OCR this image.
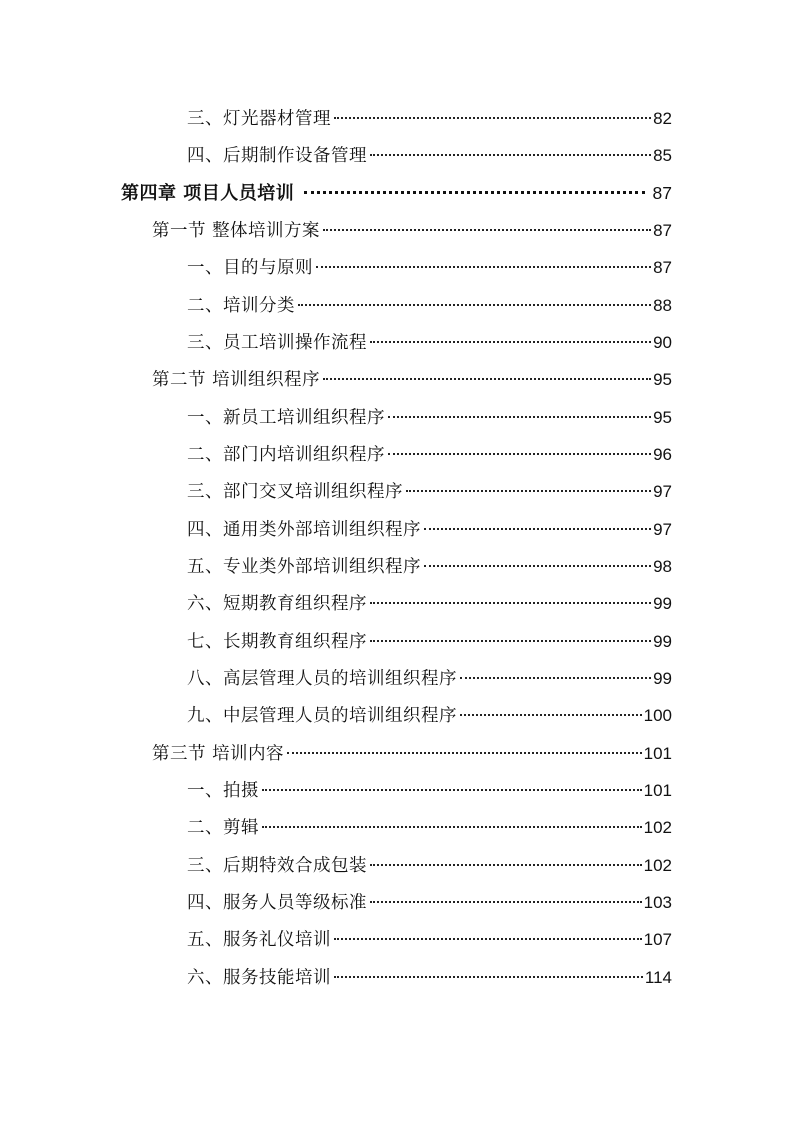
三、灯光器材管理	82
四、后期制作设备管理	85
第四章 项目人员培训	87
第一节 整体培训方案	87
一、目的与原则	87
二、培训分类	88
三、员工培训操作流程	90
第二节 培训组织程序	95
一、新员工培训组织程序	95
二、部门内培训组织程序	96
三、部门交叉培训组织程序	97
四、通用类外部培训组织程序	97
五、专业类外部培训组织程序	98
六、短期教育组织程序	99
七、长期教育组织程序	99
八、高层管理人员的培训组织程序	99
九、中层管理人员的培训组织程序	100
第三节 培训内容	101
一、拍摄	101
二、剪辑	102
三、后期特效合成包装	102
四、服务人员等级标准	103
五、服务礼仪培训	107
六、服务技能培训	114
